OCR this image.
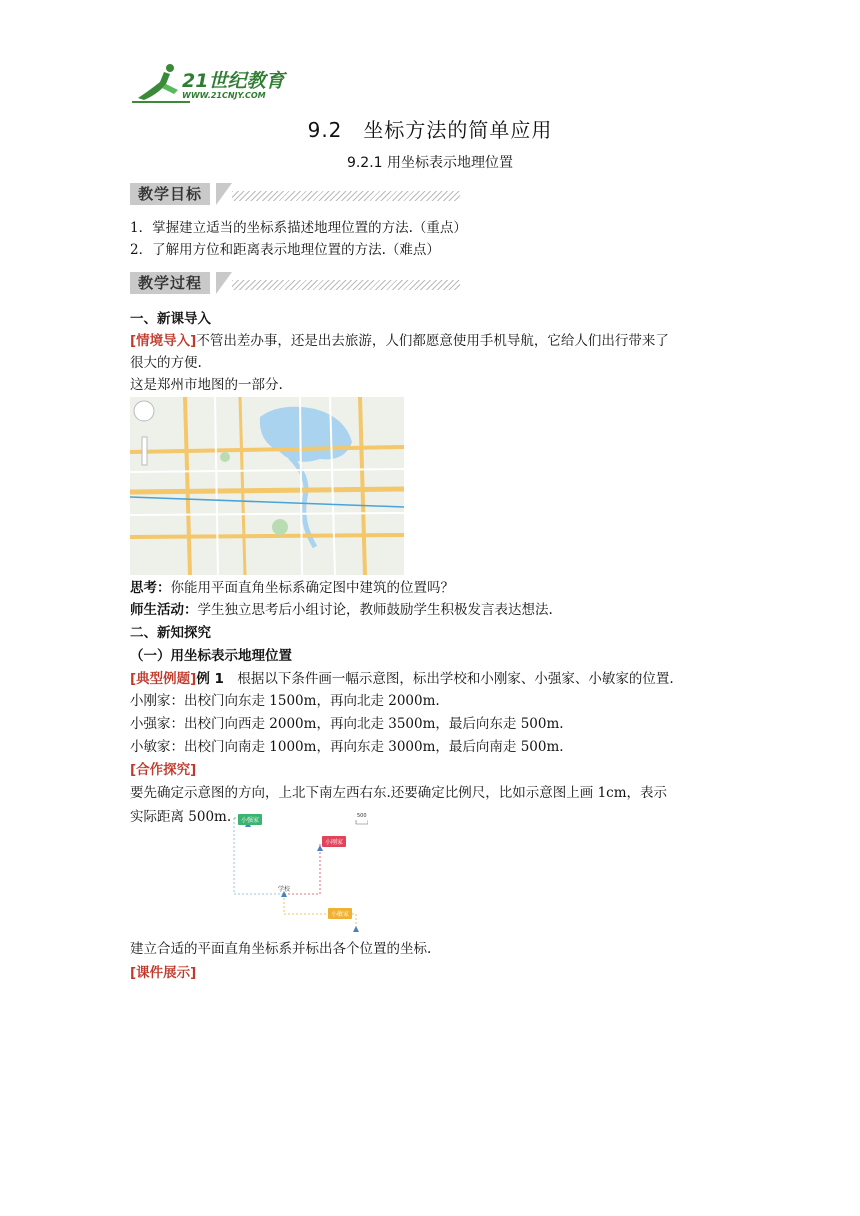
21世纪教育
WWW.21CNJY.COM
9.2　坐标方法的简单应用
9.2.1 用坐标表示地理位置
教学目标
1．掌握建立适当的坐标系描述地理位置的方法.（重点）
2．了解用方位和距离表示地理位置的方法.（难点）
教学过程
一、新课导入
[情境导入]不管出差办事，还是出去旅游，人们都愿意使用手机导航，它给人们出行带来了
很大的方便.
这是郑州市地图的一部分.
思考：你能用平面直角坐标系确定图中建筑的位置吗？
师生活动：学生独立思考后小组讨论，教师鼓励学生积极发言表达想法.
二、新知探究
（一）用坐标表示地理位置
[典型例题]例 1　根据以下条件画一幅示意图，标出学校和小刚家、小强家、小敏家的位置.
小刚家：出校门向东走 1500m，再向北走 2000m.
小强家：出校门向西走 2000m，再向北走 3500m，最后向东走 500m.
小敏家：出校门向南走 1000m，再向东走 3000m，最后向南走 500m.
[合作探究]
要先确定示意图的方向，上北下南左西右东.还要确定比例尺，比如示意图上画 1cm，表示
实际距离 500m.	小强家
小刚家
小敏家
学校
500
建立合适的平面直角坐标系并标出各个位置的坐标.
[课件展示]
